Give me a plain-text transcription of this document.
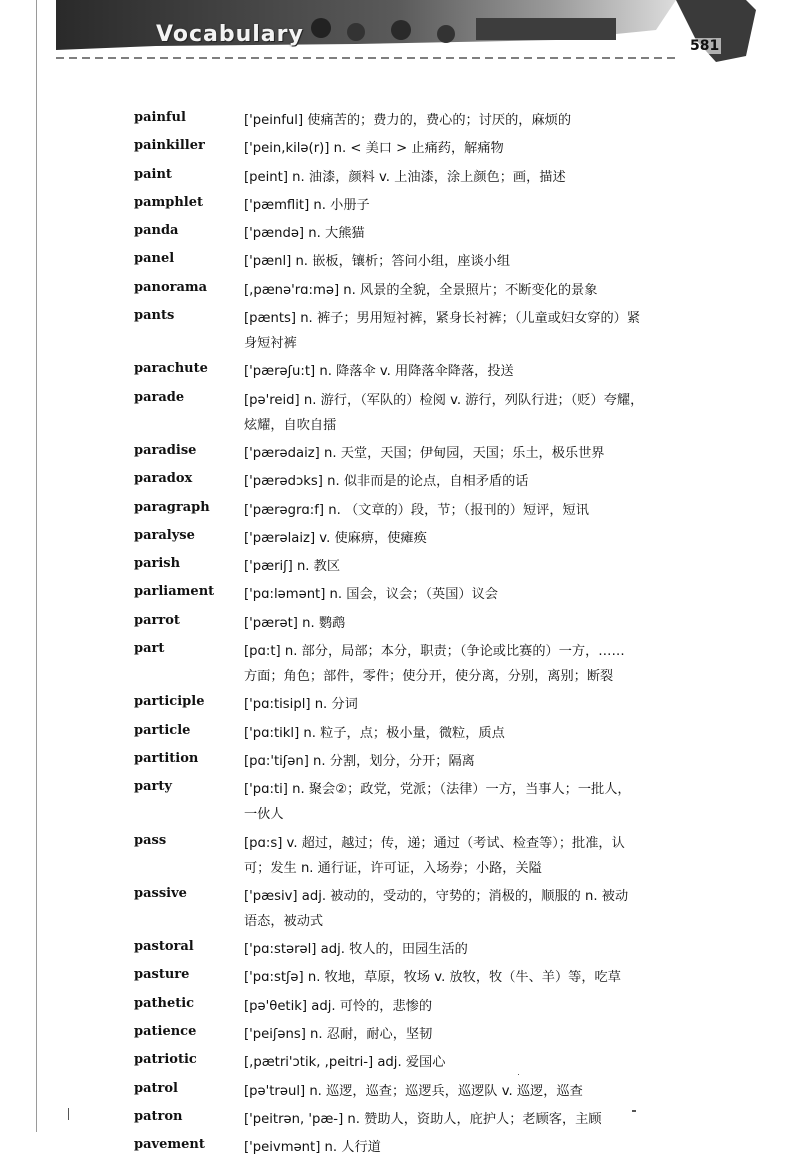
Vocabulary	581
painful	['peinful] 使痛苦的；费力的，费心的；讨厌的，麻烦的
painkiller	['pein,kilə(r)] n. < 美口 > 止痛药，解痛物
paint	[peint] n. 油漆，颜料 v. 上油漆，涂上颜色；画，描述
pamphlet	['pæmflit] n. 小册子
panda	['pændə] n. 大熊猫
panel	['pænl] n. 嵌板，镶析；答问小组，座谈小组
panorama	[,pænə'rɑ:mə] n. 风景的全貌，全景照片；不断变化的景象
pants	[pænts] n. 裤子；男用短衬裤，紧身长衬裤；（儿童或妇女穿的）紧
身短衬裤
parachute	['pærəʃu:t] n. 降落伞 v. 用降落伞降落，投送
parade	[pə'reid] n. 游行，（军队的）检阅 v. 游行，列队行进；（贬）夸耀，
炫耀，自吹自擂
paradise	['pærədaiz] n. 天堂，天国；伊甸园，天国；乐土，极乐世界
paradox	['pærədɔks] n. 似非而是的论点，自相矛盾的话
paragraph	['pærəgrɑ:f] n. （文章的）段，节；（报刊的）短评，短讯
paralyse	['pærəlaiz] v. 使麻痹，使瘫痪
parish	['pæriʃ] n. 教区
parliament ['pɑ:ləmənt] n. 国会，议会；（英国）议会
parrot	['pærət] n. 鹦鹉
part	[pɑ:t] n. 部分，局部；本分，职责；（争论或比赛的）一方，……
方面；角色；部件，零件；使分开，使分离，分别，离别；断裂
participle	['pɑ:tisipl] n. 分词
particle	['pɑ:tikl] n. 粒子，点；极小量，微粒，质点
partition	[pɑ:'tiʃən] n. 分割，划分，分开；隔离
party	['pɑ:ti] n. 聚会②；政党，党派；（法律）一方，当事人；一批人，
一伙人
pass	[pɑ:s] v. 超过，越过；传，递；通过（考试、检查等）；批准，认
可；发生 n. 通行证，许可证，入场券；小路，关隘
passive	['pæsiv] adj. 被动的，受动的，守势的；消极的，顺服的 n. 被动
语态，被动式
pastoral	['pɑ:stərəl] adj. 牧人的，田园生活的
pasture	['pɑ:stʃə] n. 牧地，草原，牧场 v. 放牧，牧（牛、羊）等，吃草
pathetic	[pə'θetik] adj. 可怜的，悲惨的
patience	['peiʃəns] n. 忍耐，耐心，坚韧
patriotic	[,pætri'ɔtik, ,peitri-] adj. 爱国心
patrol	[pə'trəul] n. 巡逻，巡查；巡逻兵，巡逻队 v. 巡逻，巡查
patron	['peitrən, 'pæ-] n. 赞助人，资助人，庇护人；老顾客，主顾
pavement	['peivmənt] n. 人行道
